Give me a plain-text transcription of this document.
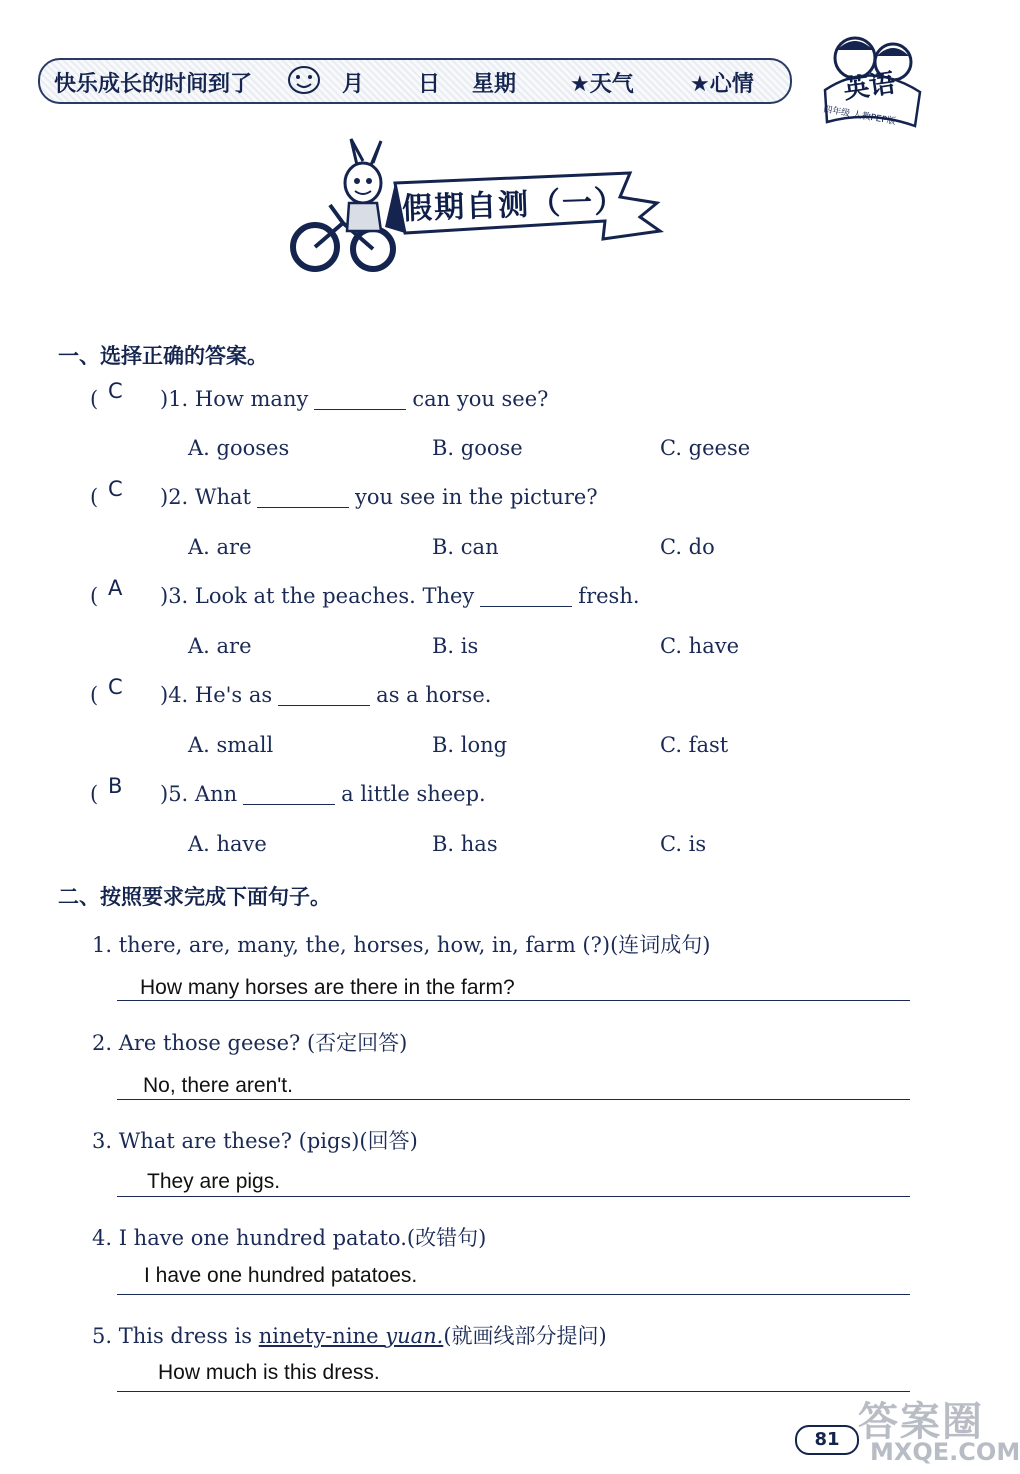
快乐成长的时间到了	月 日 星期 ★天气	★心情	英语
四年级 人教PEP版
假期自测（一）
一、选择正确的答案。
( C )1. How many	can you see?
A. gooses	B. goose	C. geese
( C )2. What	you see in the picture?
A. are	B. can	C. do
( A )3. Look at the peaches. They	fresh.
A. are	B. is	C. have
( C )4. He's as	as a horse.
A. small	B. long	C. fast
( B )5. Ann	a little sheep.
A. have	B. has	C. is
二、按照要求完成下面句子。
1. there, are, many, the, horses, how, in, farm (?)(连词成句)
How many horses are there in the farm?
2. Are those geese? (否定回答)
No, there aren't.
3. What are these? (pigs)(回答)
They are pigs.
4. I have one hundred patato.(改错句)
I have one hundred patatoes.
5. This dress is ninety-nine yuan.(就画线部分提问)
How much is this dress.
81 答案圈
MXQE.COM
